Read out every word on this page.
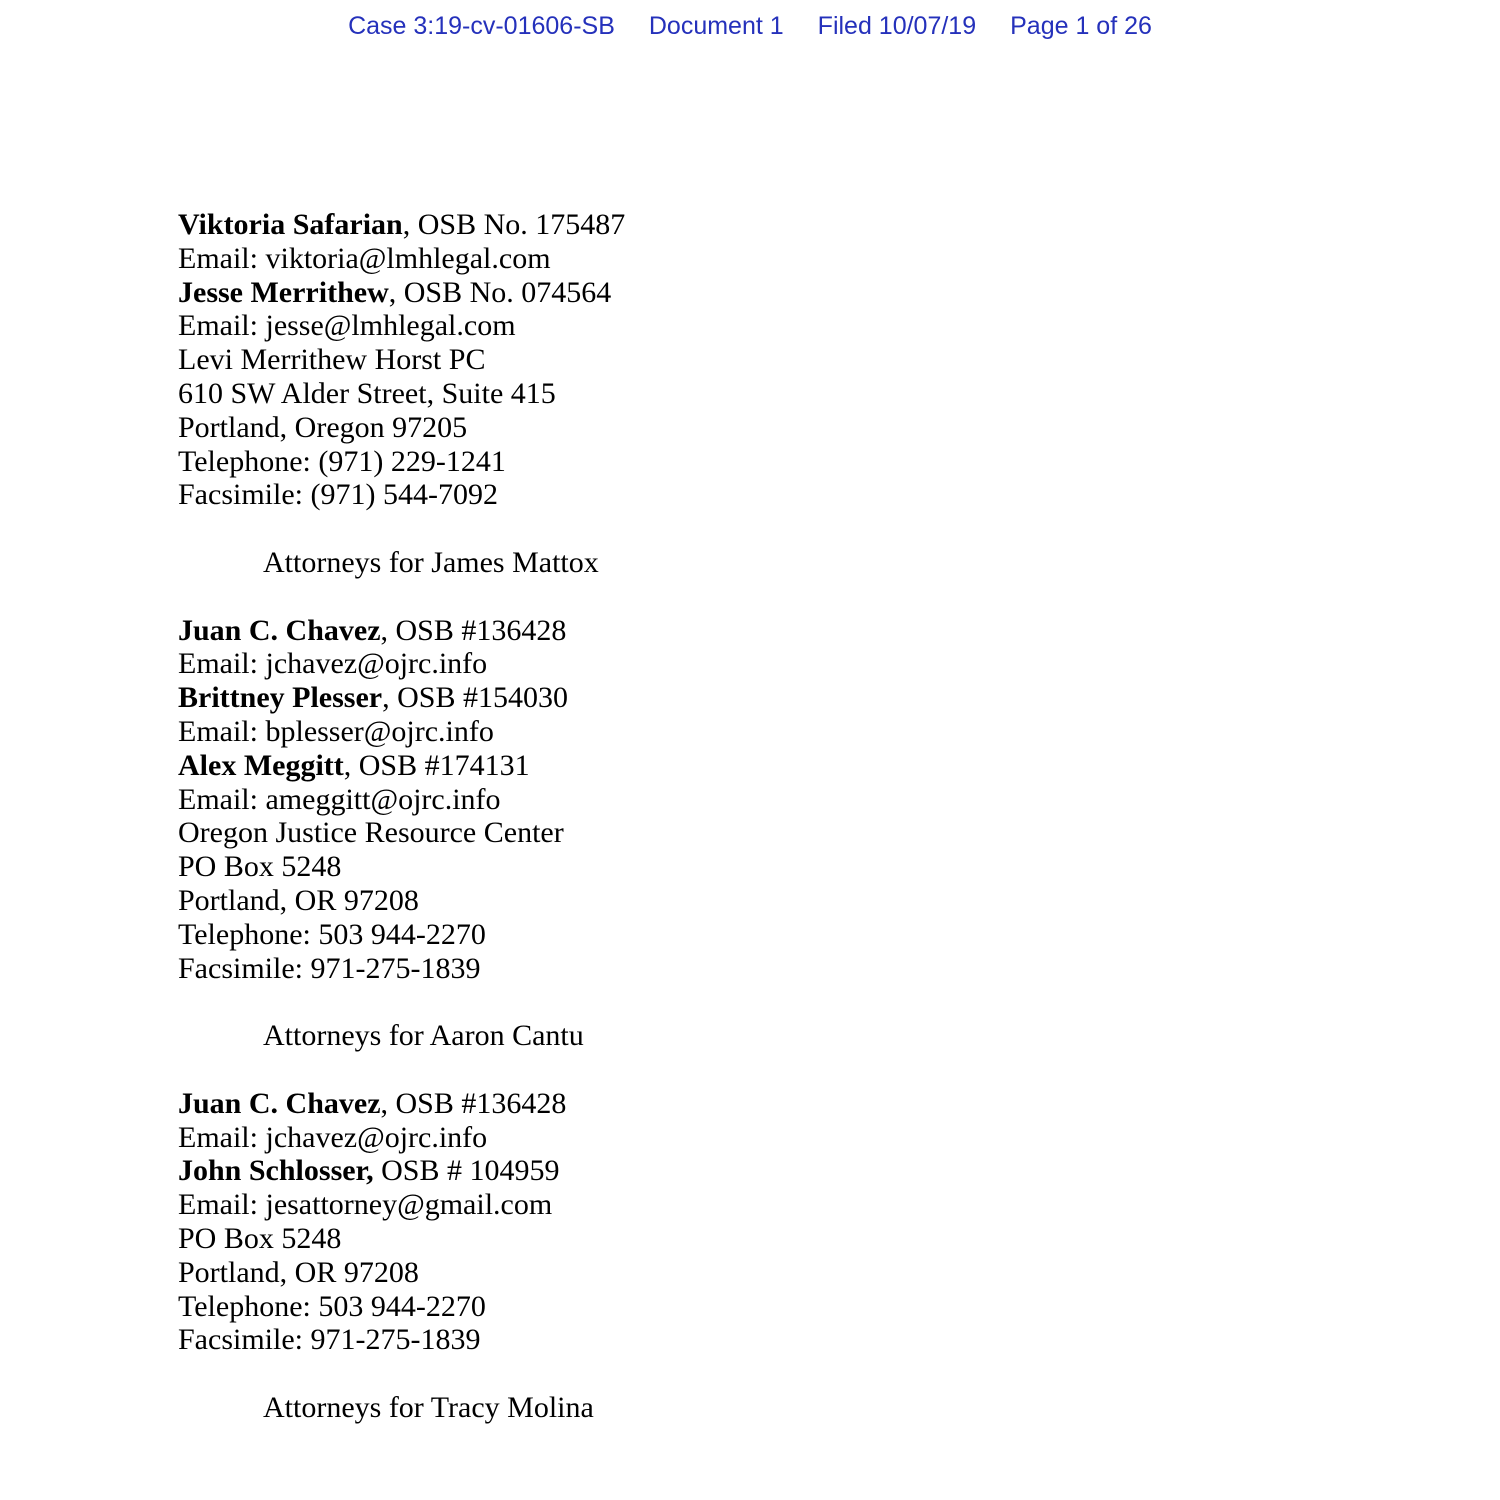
Case 3:19-cv-01606-SB Document 1 Filed 10/07/19 Page 1 of 26
Viktoria Safarian, OSB No. 175487
Email: viktoria@lmhlegal.com
Jesse Merrithew, OSB No. 074564
Email: jesse@lmhlegal.com
Levi Merrithew Horst PC
610 SW Alder Street, Suite 415
Portland, Oregon 97205
Telephone: (971) 229-1241
Facsimile: (971) 544-7092
Attorneys for James Mattox
Juan C. Chavez, OSB #136428
Email: jchavez@ojrc.info
Brittney Plesser, OSB #154030
Email: bplesser@ojrc.info
Alex Meggitt, OSB #174131
Email: ameggitt@ojrc.info
Oregon Justice Resource Center
PO Box 5248
Portland, OR 97208
Telephone: 503 944-2270
Facsimile: 971-275-1839
Attorneys for Aaron Cantu
Juan C. Chavez, OSB #136428
Email: jchavez@ojrc.info
John Schlosser, OSB # 104959
Email: jesattorney@gmail.com
PO Box 5248
Portland, OR 97208
Telephone: 503 944-2270
Facsimile: 971-275-1839
Attorneys for Tracy Molina
